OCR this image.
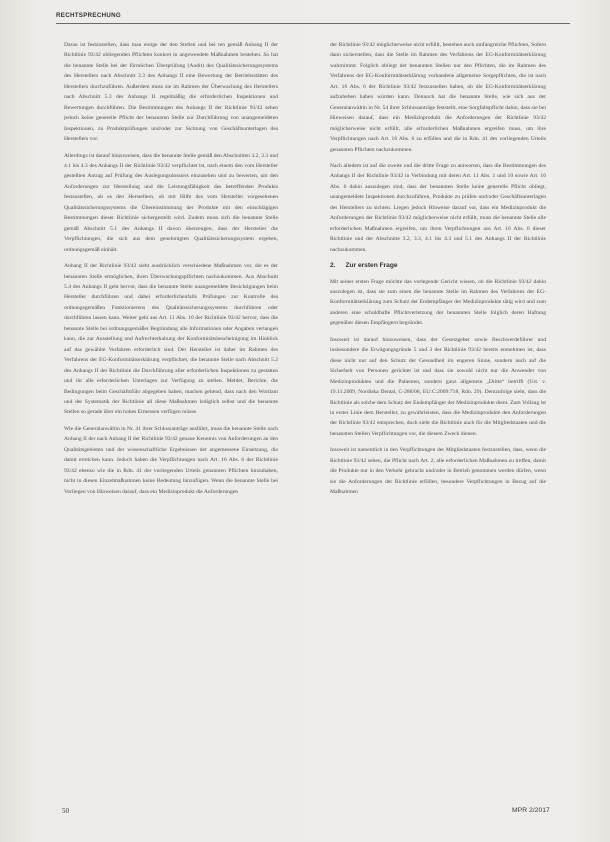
RECHTSPRECHUNG

Daran ist festzustellen, dass man einige der den Stellen und bei ten gemäß Anhang II der Richtlinie 93/42 obliegenden Pflichten konkret in angewendete Maßnahmen bestehen. So hat die benannte Stelle bei der förmlichen Überprüfung (Audit) des Qualitätssicherungssystems des Herstellers nach Abschnitt 3.3 des Anhangs II eine Bewertung der Betriebsstätten des Herstellers durchzuführen. Außerdem muss sie im Rahmen der Überwachung des Herstellers nach Abschnitt 5.3 des Anhangs II regelmäßig die erforderlichen Inspektionen und Bewertungen durchführen. Die Bestimmungen des Anhangs II der Richtlinie 93/42 sehen jedoch keine generelle Pflicht der benannten Stelle zur Durchführung von unangemeldeten Inspektionen, zu Produktprüfungen und/oder zur Sichtung von Geschäftsunterlagen des Herstellers vor.

Allerdings ist darauf hinzuweisen, dass die benannte Stelle gemäß den Abschnitten 3.2, 3.3 und 4.1 bis 4.3 des Anhangs II der Richtlinie 93/42 verpflichtet ist, nach einem den vom Hersteller gestellten Antrag auf Prüfung des Auslegungsdossiers einzusehen und zu bewerten, um den Anforderungen zur Herstellung und die Leistungsfähigkeit des betreffenden Produkts festzustellen, ob es den Herstellern, ob mit Hilfe des vom Hersteller vorgesehenen Qualitätssicherungssystems die Übereinstimmung der Produkte mit den einschlägigen Bestimmungen dieser Richtlinie sichergestellt wird. Zudem muss sich die benannte Stelle gemäß Abschnitt 5.1 des Anhangs II davon überzeugen, dass der Hersteller die Verpflichtungen, die sich aus dem genehmigten Qualitätssicherungssystem ergeben, ordnungsgemäß einhält.

Anhang II der Richtlinie 93/42 sieht ausdrücklich verschiedene Maßnahmen vor, die es der benannten Stelle ermöglichen, ihren Überwachungspflichten nachzukommen. Aus Abschnitt 5.4 des Anhangs II geht hervor, dass die benannte Stelle unangemeldete Besichtigungen beim Hersteller durchführen und dabei erforderlichenfalls Prüfungen zur Kontrolle des ordnungsgemäßen Funktionierens des Qualitätssicherungssystems durchführen oder durchführen lassen kann. Weiter geht aus Art. 11 Abs. 10 der Richtlinie 93/42 hervor, dass die benannte Stelle bei ordnungsgemäßer Begründung alle Informationen oder Angaben verlangen kann, die zur Ausstellung und Aufrechterhaltung der Konformitätsbescheinigung im Hinblick auf das gewählte Verfahren erforderlich sind. Der Hersteller ist daher im Rahmen des Verfahrens der EG-Konformitätserklärung verpflichtet, die benannte Stelle nach Abschnitt 5.2 des Anhangs II der Richtlinie die Durchführung aller erforderlichen Inspektionen zu gestatten und ihr alle erforderlichen Unterlagen zur Verfügung zu stellen. Meldet, Berichte, die Bedingungen beim Geschäftsführ abgegeben haben, machen geltend, dass nach den Wortlaut und der Systematik der Richtlinie all diese Maßnahmen lediglich selbst und die benannte Stellen so gerade über ein hohes Ermessen verfügen müsse.

Wie die Generalanwältin in Nr. 41 ihrer Schlussanträge ausführt, muss die benannte Stelle nach Anhang II der nach Anhang II der Richtlinie 93/42 genaue Kenntnis von Anforderungen an den Qualitätsgebieten und der wissenschaftliche Ergebnissen der angemessene Einsetzung, die damit erreichen kann. Jedoch haben die Verpflichtungen nach Art. 16 Abs. 6 der Richtlinie 93/42 ebenso wie die in Rdn. 41 der vorliegenden Urteils genannten Pflichten hinzuhaben, nicht in diesen Einzelmaßnahmen keine Bedeutung hinzufügen. Wenn die benannte Stelle bei Vorliegen von Hinweisen darauf, dass ein Medizinprodukt die Anforderungen

der Richtlinie 93/42 möglicherweise nicht erfüllt, bestehen auch umfangreiche Pflichten, Sofern dann sicherstellen, dass die Stelle im Rahmen des Verfahrens der EG-Konformitätserklärung wahrnimmt. Folglich obliegt der benannten Stellen nur den Pflichten, die im Rahmen des Verfahrens der EG-Konformitätserklärung vorhandene allgemeine Sorgepflichten, die ist nach Art. 16 Abs. 6 der Richtlinie 93/42 festzustellen haben, ob die EG-Konformitätserklärung aufzuheben haben würden kann. Dennoch hat die benannte Stelle, wie sich aus der Generalanwältin in Nr. 54 ihrer Schlussanträge feststellt, eine Sorgfaltspflicht dahin, dass sie bei Hinweisen darauf, dass ein Medizinprodukt die Anforderungen der Richtlinie 93/42 möglicherweise nicht erfüllt, alle erforderlichen Maßnahmen ergreifen muss, um ihre Verpflichtungen nach Art. 16 Abs. 6 zu erfüllen und die in Rdn. 41 des vorliegenden Urteils genannten Pflichten nachzukommen.

Nach alledem ist auf die zweite und die dritte Frage zu antworten, dass die Bestimmungen des Anhangs II der Richtlinie 93/42 in Verbindung mit deren Art. 11 Abs. 1 und 10 sowie Art. 16 Abs. 6 dahin auszulegen sind, dass der benannten Stelle keine generelle Pflicht obliegt, unangemeldete Inspektionen durchzuführen, Produkte zu prüfen und/oder Geschäftsunterlagen des Herstellers zu sichten. Liegen jedoch Hinweise darauf vor, dass ein Medizinprodukt die Anforderungen der Richtlinie 93/42 möglicherweise nicht erfüllt, muss die benannte Stelle alle erforderlichen Maßnahmen ergreifen, um ihren Verpflichtungen aus Art. 16 Abs. 6 dieser Richtlinie und der Abschnitte 3.2, 3.3, 4.1 bis 4.3 und 5.1 des Anhangs II der Richtlinie nachzukommen.

2. Zur ersten Frage

Mit seiner ersten Frage möchte das vorlegende Gericht wissen, ob die Richtlinie 93/42 dahin auszulegen ist, dass sie zum einen die benannte Stelle im Rahmen des Verfahrens der EG-Konformitätserklärung zum Schutz der Endempfänger der Medizinprodukte tätig wird und zum anderen eine schuldhafte Pflichtverletzung der benannten Stelle folglich deren Haftung gegenüber diesen Empfängern begründet.

Insoweit ist darauf hinzuweisen, dass der Gesetzgeber sowie Beschwerdeführer und insbesondere die Erwägungsgründe 5 und 3 der Richtlinie 93/42 bereits entnehmen ist, dass diese nicht nur auf den Schutz der Gesundheit im engeren Sinne, sondern auch auf die Sicherheit von Personen gerichtet ist und dass sie sowohl nicht nur die Anwender von Medizinprodukten und die Patienten, sondern ganz allgemein „Dritte“ betrifft (Urt. v. 19.11.2009, Nordiska Dental, C-288/08, EU:C:2009:718, Rdn. 29). Demzufolge sieht, dass die Richtlinie als solche dem Schutz der Endempfänger der Medizinprodukte dient. Zum Vollzug ist in erster Linie dem Hersteller, zu gewährleisten, dass die Medizinprodukte den Anforderungen der Richtlinie 93/42 entsprechen, doch sieht die Richtlinie auch für die Mitgliedstaaten und die benannten Stellen Verpflichtungen vor, die diesem Zweck dienen.

Insoweit ist namentlich in den Verpflichtungen der Mitgliedstaaten festzustellen, dass, wenn die Richtlinie 93/42 sehen, die Pflicht nach Art. 2, alle erforderlichen Maßnahmen zu treffen, damit die Produkte nur in den Verkehr gebracht und/oder in Betrieb genommen werden dürfen, wenn sie die Anforderungen der Richtlinie erfüllen, besondere Verpflichtungen in Bezug auf die Maßnahmen

50	MPR 2/2017
